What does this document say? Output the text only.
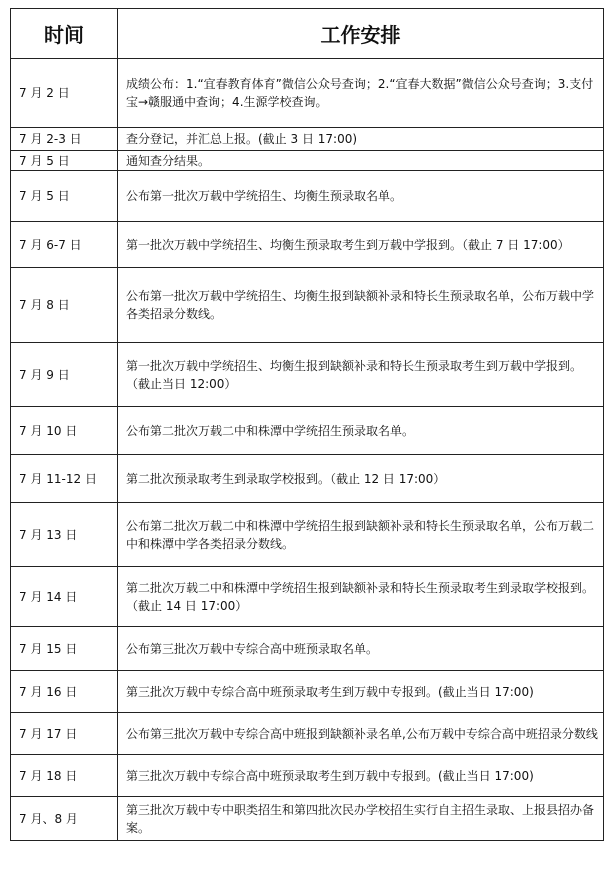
时间	工作安排
7 月 2 日	成绩公布：1.“宜春教育体育”微信公众号查询；2.“宜春大数据”微信公众号查询；3.支付宝→赣服通中查询；4.生源学校查询。
7 月 2-3 日	查分登记，并汇总上报。(截止 3 日 17:00)
7 月 5 日	通知查分结果。
7 月 5 日	公布第一批次万载中学统招生、均衡生预录取名单。
7 月 6-7 日	第一批次万载中学统招生、均衡生预录取考生到万载中学报到。（截止 7 日 17:00）
7 月 8 日	公布第一批次万载中学统招生、均衡生报到缺额补录和特长生预录取名单，公布万载中学各类招录分数线。
7 月 9 日	第一批次万载中学统招生、均衡生报到缺额补录和特长生预录取考生到万载中学报到。（截止当日 12:00）
7 月 10 日	公布第二批次万载二中和株潭中学统招生预录取名单。
7 月 11-12 日	第二批次预录取考生到录取学校报到。（截止 12 日 17:00）
7 月 13 日	公布第二批次万载二中和株潭中学统招生报到缺额补录和特长生预录取名单，公布万载二中和株潭中学各类招录分数线。
7 月 14 日	第二批次万载二中和株潭中学统招生报到缺额补录和特长生预录取考生到录取学校报到。（截止 14 日 17:00）
7 月 15 日	公布第三批次万载中专综合高中班预录取名单。
7 月 16 日	第三批次万载中专综合高中班预录取考生到万载中专报到。(截止当日 17:00)
7 月 17 日	公布第三批次万载中专综合高中班报到缺额补录名单,公布万载中专综合高中班招录分数线
7 月 18 日	第三批次万载中专综合高中班预录取考生到万载中专报到。(截止当日 17:00)
7 月、8 月	第三批次万载中专中职类招生和第四批次民办学校招生实行自主招生录取、上报县招办备案。
